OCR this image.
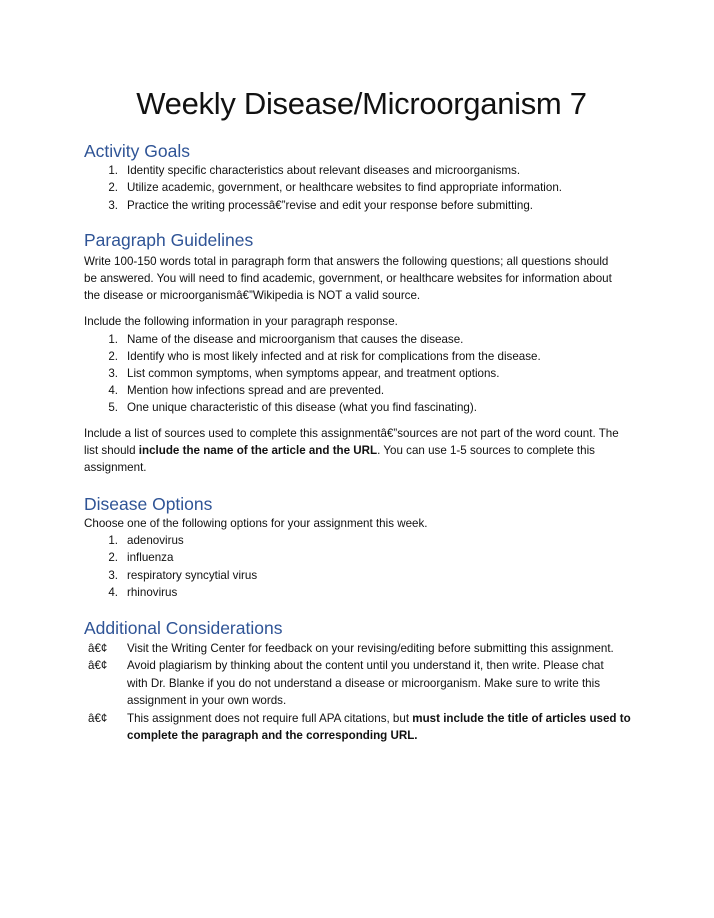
Weekly Disease/Microorganism 7
Activity Goals
1. Identity specific characteristics about relevant diseases and microorganisms.
2. Utilize academic, government, or healthcare websites to find appropriate information.
3. Practice the writing processâ€”revise and edit your response before submitting.
Paragraph Guidelines
Write 100-150 words total in paragraph form that answers the following questions; all questions should
be answered. You will need to find academic, government, or healthcare websites for information about
the disease or microorganismâ€”Wikipedia is NOT a valid source.
Include the following information in your paragraph response.
1. Name of the disease and microorganism that causes the disease.
2. Identify who is most likely infected and at risk for complications from the disease.
3. List common symptoms, when symptoms appear, and treatment options.
4. Mention how infections spread and are prevented.
5. One unique characteristic of this disease (what you find fascinating).
Include a list of sources used to complete this assignmentâ€”sources are not part of the word count. The
list should include the name of the article and the URL. You can use 1-5 sources to complete this
assignment.
Disease Options
Choose one of the following options for your assignment this week.
1. adenovirus
2. influenza
3. respiratory syncytial virus
4. rhinovirus
Additional Considerations
â€¢ Visit the Writing Center for feedback on your revising/editing before submitting this assignment.
â€¢ Avoid plagiarism by thinking about the content until you understand it, then write. Please chat
with Dr. Blanke if you do not understand a disease or microorganism. Make sure to write this
assignment in your own words.
â€¢ This assignment does not require full APA citations, but must include the title of articles used to
complete the paragraph and the corresponding URL.
